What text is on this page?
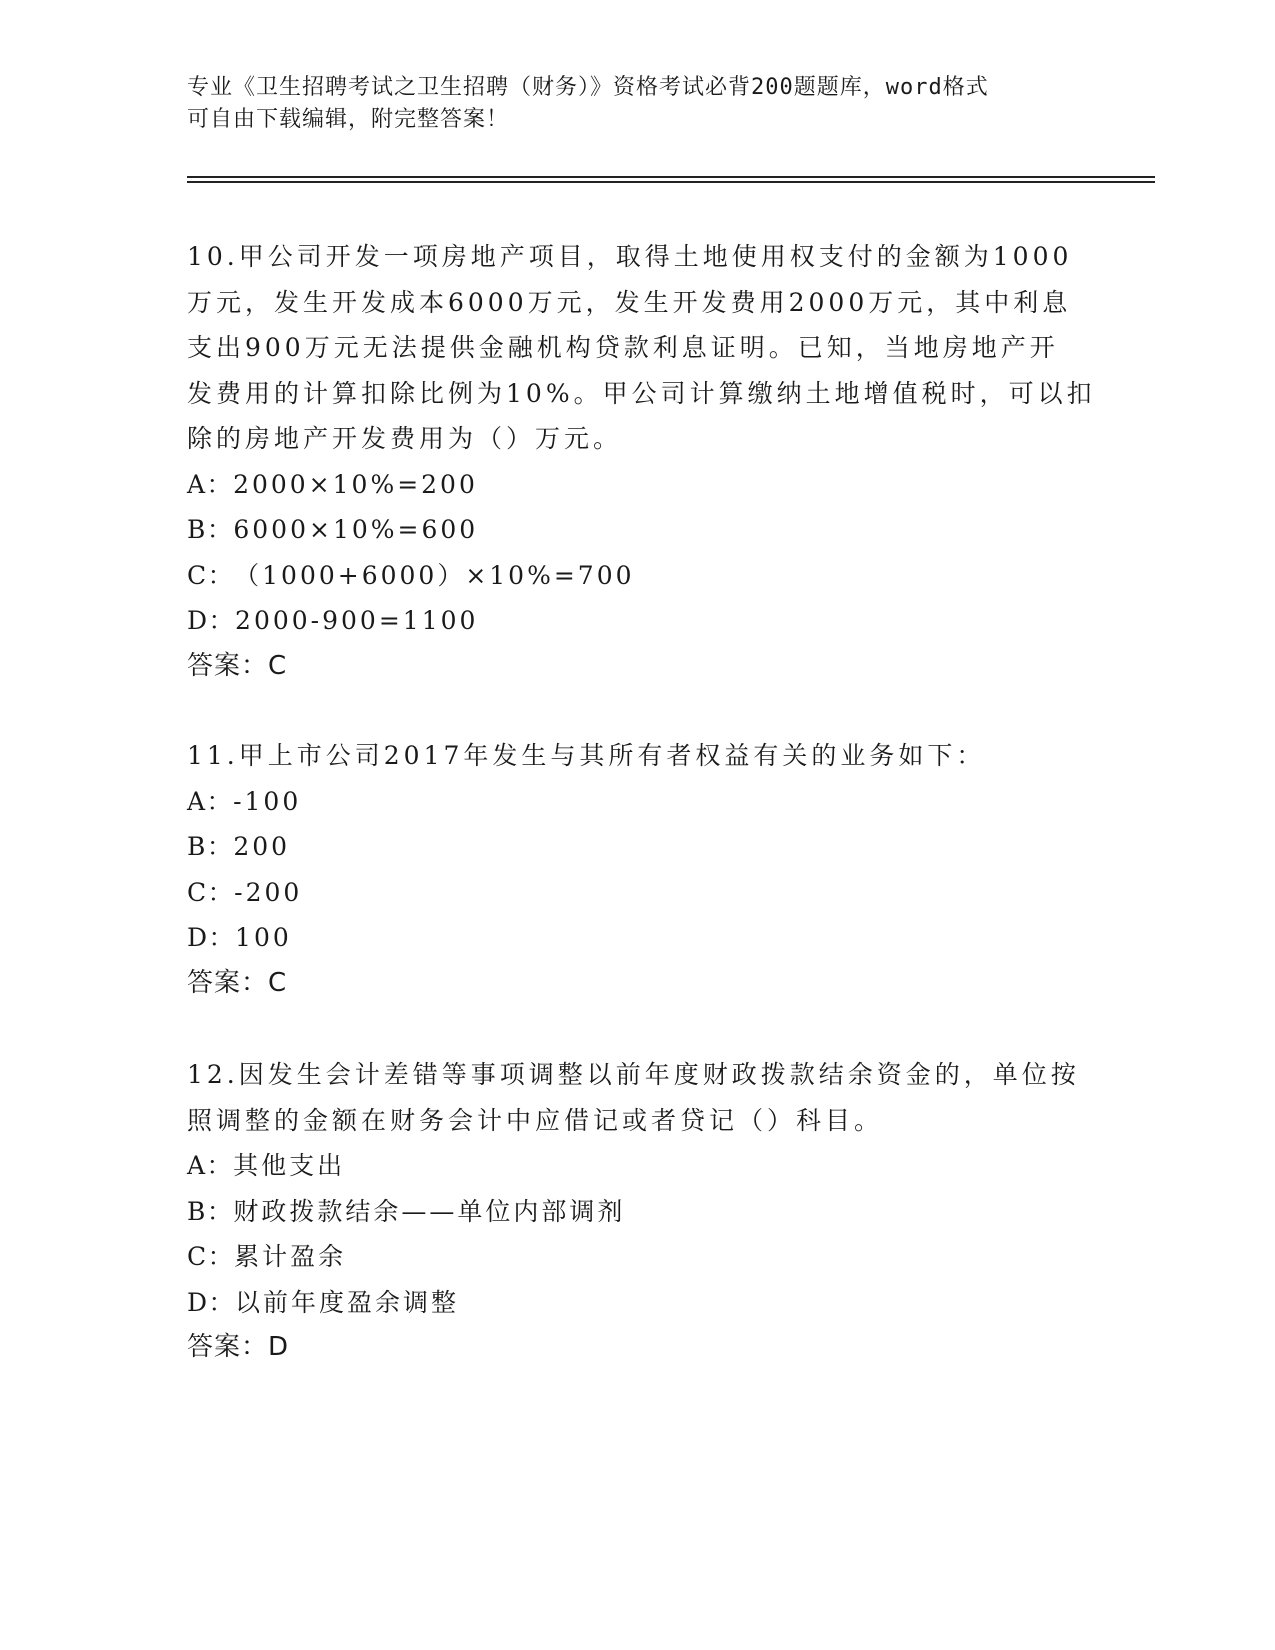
专业《卫生招聘考试之卫生招聘（财务）》资格考试必背200题题库，word格式
可自由下载编辑，附完整答案！

10.甲公司开发一项房地产项目，取得土地使用权支付的金额为1000
万元，发生开发成本6000万元，发生开发费用2000万元，其中利息
支出900万元无法提供金融机构贷款利息证明。已知，当地房地产开
发费用的计算扣除比例为10%。甲公司计算缴纳土地增值税时，可以扣
除的房地产开发费用为（）万元。

A：2000×10%=200

B：6000×10%=600

C：（1000+6000）×10%=700

D：2000-900=1100

答案：C

11.甲上市公司2017年发生与其所有者权益有关的业务如下：

A：-100

B：200

C：-200

D：100

答案：C

12.因发生会计差错等事项调整以前年度财政拨款结余资金的，单位按
照调整的金额在财务会计中应借记或者贷记（）科目。

A：其他支出

B：财政拨款结余——单位内部调剂

C：累计盈余

D：以前年度盈余调整

答案：D
